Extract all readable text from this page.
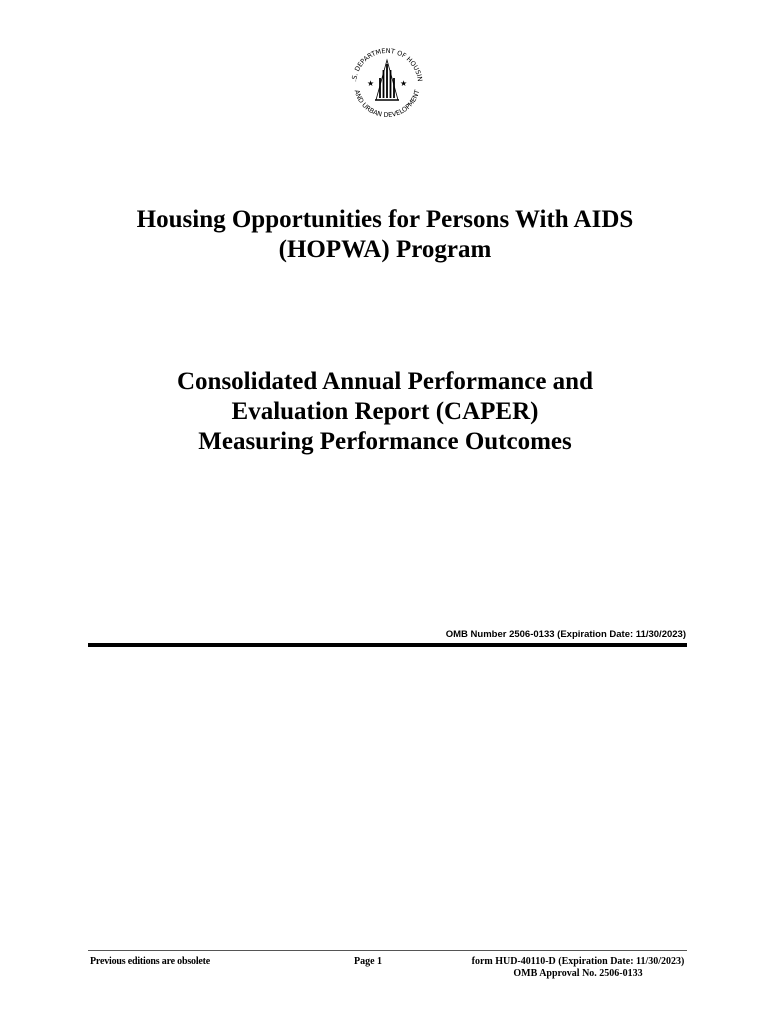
.S. DEPARTMENT OF HOUSIN
AND URBAN DEVELOPMENT
★	★
Housing Opportunities for Persons With AIDS
(HOPWA) Program
Consolidated Annual Performance and
Evaluation Report (CAPER)
Measuring Performance Outcomes
OMB Number 2506-0133 (Expiration Date: 11/30/2023)
Previous editions are obsolete	Page 1	form HUD-40110-D (Expiration Date: 11/30/2023)
OMB Approval No. 2506-0133
